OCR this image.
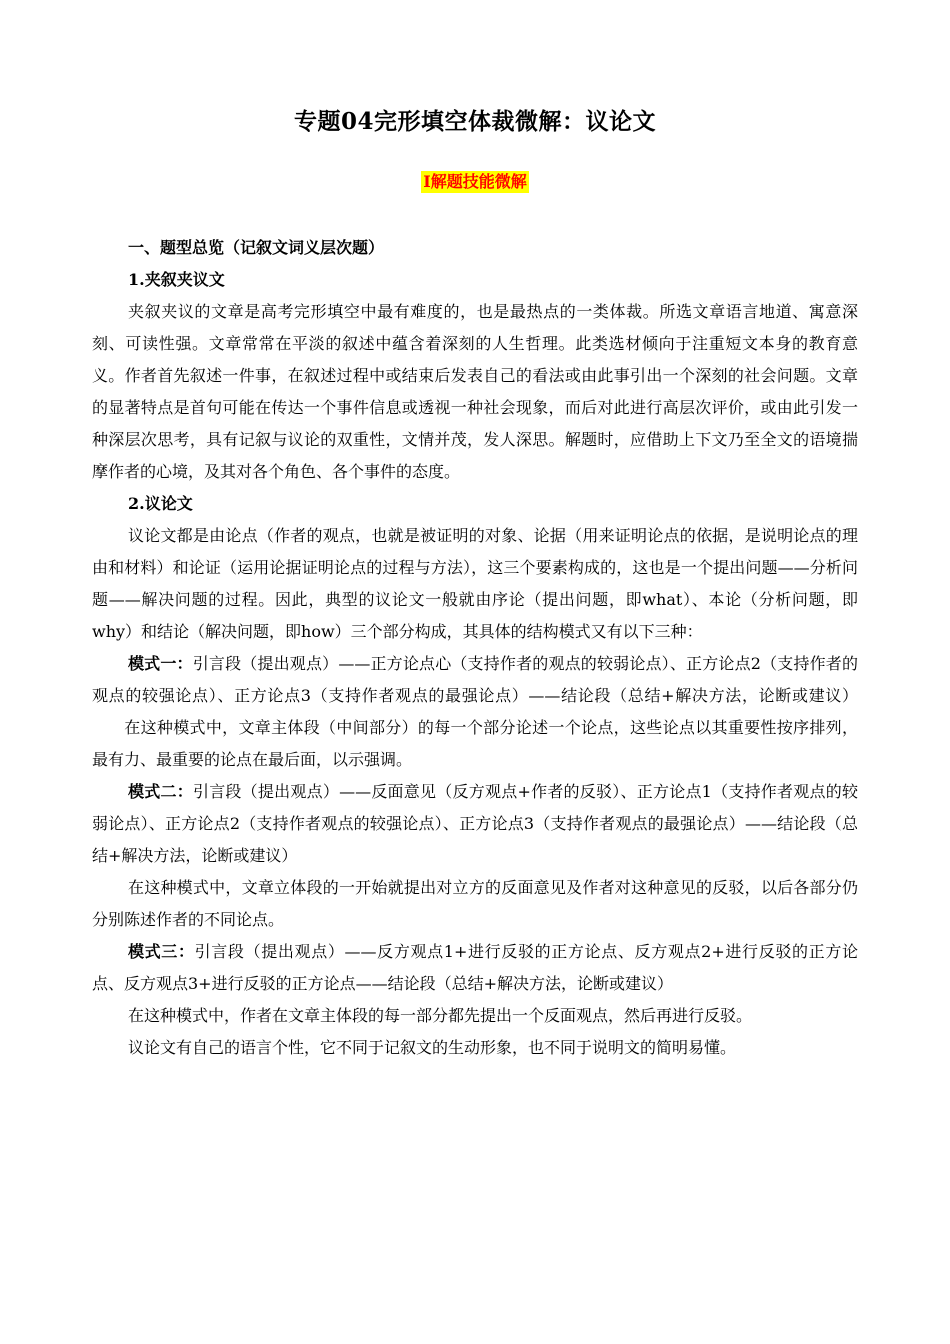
专题04完形填空体裁微解：议论文
I解题技能微解
一、题型总览（记叙文词义层次题）
1.夹叙夹议文

夹叙夹议的文章是高考完形填空中最有难度的，也是最热点的一类体裁。所选文章语言地道、寓意深刻、可读性强。文章常常在平淡的叙述中蕴含着深刻的人生哲理。此类选材倾向于注重短文本身的教育意义。作者首先叙述一件事，在叙述过程中或结束后发表自己的看法或由此事引出一个深刻的社会问题。文章的显著特点是首句可能在传达一个事件信息或透视一种社会现象，而后对此进行高层次评价，或由此引发一种深层次思考，具有记叙与议论的双重性，文情并茂，发人深思。解题时，应借助上下文乃至全文的语境揣摩作者的心境，及其对各个角色、各个事件的态度。

2.议论文

议论文都是由论点（作者的观点，也就是被证明的对象、论据（用来证明论点的依据，是说明论点的理由和材料）和论证（运用论据证明论点的过程与方法），这三个要素构成的，这也是一个提出问题——分析问题——解决问题的过程。因此，典型的议论文一般就由序论（提出问题，即what）、本论（分析问题，即why）和结论（解决问题，即how）三个部分构成，其具体的结构模式又有以下三种：

模式一：引言段（提出观点）——正方论点心（支持作者的观点的较弱论点）、正方论点2（支持作者的观点的较强论点）、正方论点3（支持作者观点的最强论点）——结论段（总结+解决方法，论断或建议）在这种模式中，文章主体段（中间部分）的每一个部分论述一个论点，这些论点以其重要性按序排列，最有力、最重要的论点在最后面，以示强调。

模式二：引言段（提出观点）——反面意见（反方观点+作者的反驳）、正方论点1（支持作者观点的较弱论点）、正方论点2（支持作者观点的较强论点）、正方论点3（支持作者观点的最强论点）——结论段（总结+解决方法，论断或建议）

在这种模式中，文章立体段的一开始就提出对立方的反面意见及作者对这种意见的反驳，以后各部分仍分别陈述作者的不同论点。

模式三：引言段（提出观点）——反方观点1+进行反驳的正方论点、反方观点2+进行反驳的正方论点、反方观点3+进行反驳的正方论点——结论段（总结+解决方法，论断或建议）

在这种模式中，作者在文章主体段的每一部分都先提出一个反面观点，然后再进行反驳。

议论文有自己的语言个性，它不同于记叙文的生动形象，也不同于说明文的简明易懂。
